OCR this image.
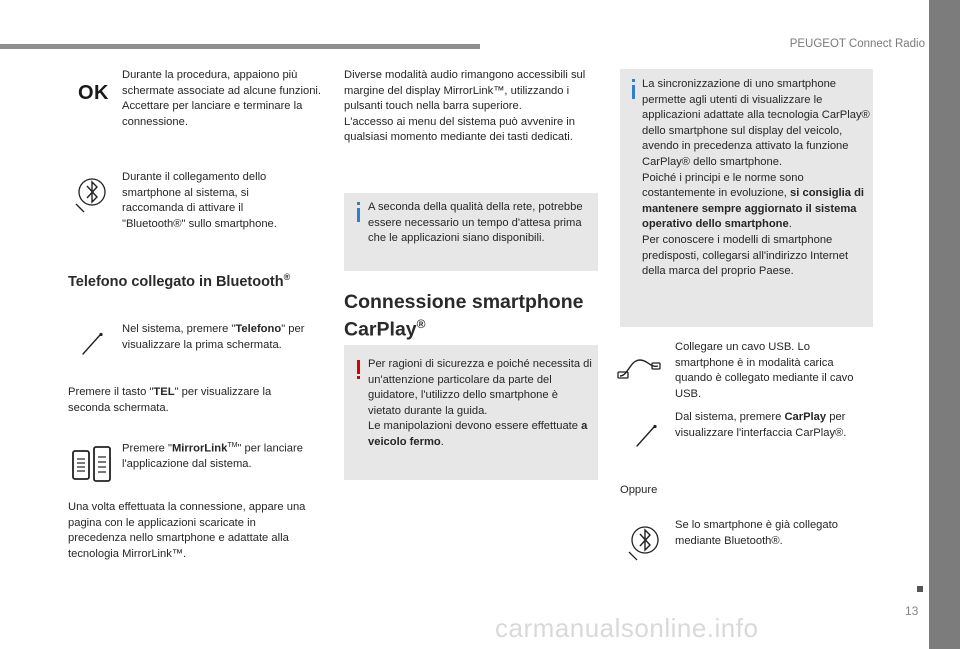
PEUGEOT Connect Radio
OK
Durante la procedura, appaiono più schermate associate ad alcune funzioni.
Accettare per lanciare e terminare la connessione.
Durante il collegamento dello smartphone al sistema, si raccomanda di attivare il "Bluetooth®" sullo smartphone.
Telefono collegato in Bluetooth®
Nel sistema, premere "Telefono" per visualizzare la prima schermata.
Premere il tasto "TEL" per visualizzare la seconda schermata.
Premere "MirrorLink™" per lanciare l'applicazione dal sistema.
Una volta effettuata la connessione, appare una pagina con le applicazioni scaricate in precedenza nello smartphone e adattate alla tecnologia MirrorLink™.
Diverse modalità audio rimangono accessibili sul margine del display MirrorLink™, utilizzando i pulsanti touch nella barra superiore.
L'accesso ai menu del sistema può avvenire in qualsiasi momento mediante dei tasti dedicati.
A seconda della qualità della rete, potrebbe essere necessario un tempo d'attesa prima che le applicazioni siano disponibili.
Connessione smartphone
CarPlay®
Per ragioni di sicurezza e poiché necessita di un'attenzione particolare da parte del guidatore, l'utilizzo dello smartphone è vietato durante la guida.
Le manipolazioni devono essere effettuate a veicolo fermo.
La sincronizzazione di uno smartphone permette agli utenti di visualizzare le applicazioni adattate alla tecnologia CarPlay® dello smartphone sul display del veicolo, avendo in precedenza attivato la funzione CarPlay® dello smartphone.
Poiché i principi e le norme sono costantemente in evoluzione, si consiglia di mantenere sempre aggiornato il sistema operativo dello smartphone.
Per conoscere i modelli di smartphone predisposti, collegarsi all'indirizzo Internet della marca del proprio Paese.
Collegare un cavo USB. Lo smartphone è in modalità carica quando è collegato mediante il cavo USB.
Dal sistema, premere CarPlay per visualizzare l'interfaccia CarPlay®.
Oppure
Se lo smartphone è già collegato mediante Bluetooth®.
13
carmanualsonline.info
